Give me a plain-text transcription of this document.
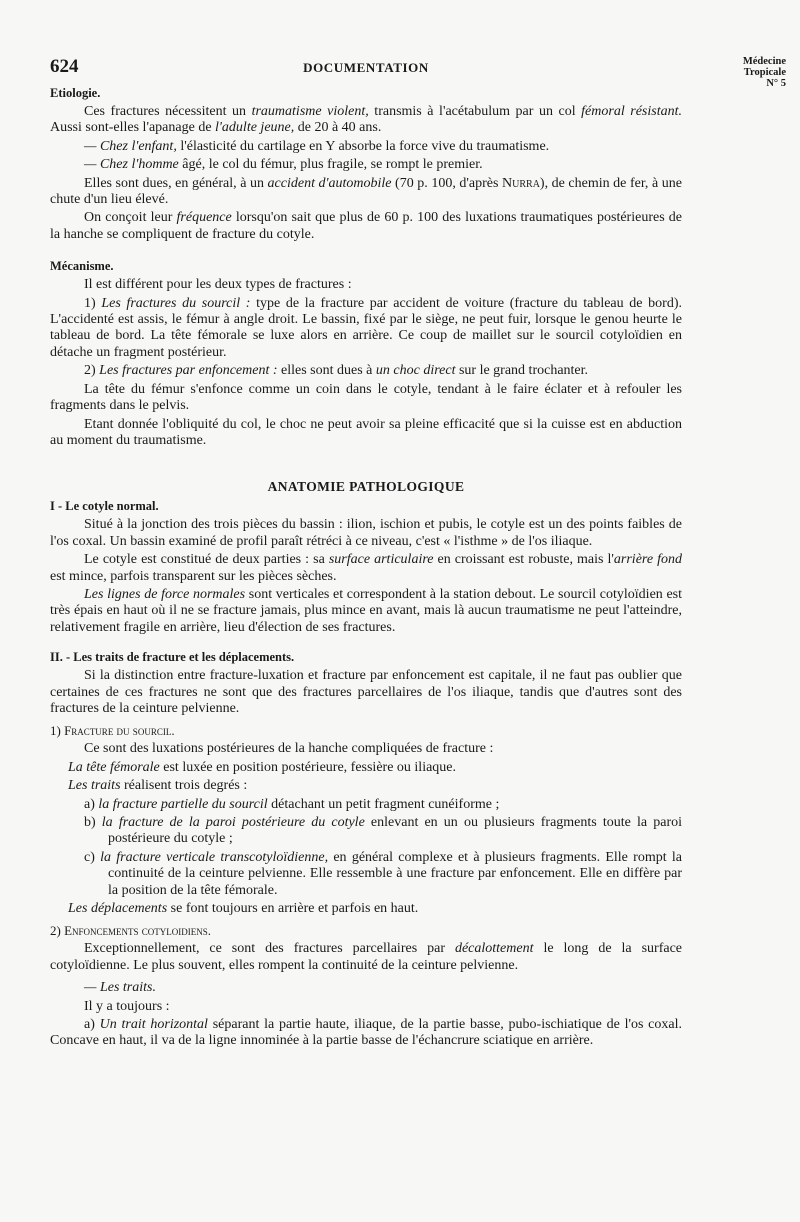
624	DOCUMENTATION	Médecine
Tropicale
N° 5
Etiologie.

Ces fractures nécessitent un traumatisme violent, transmis à l'acétabulum par un col fémoral résistant. Aussi sont-elles l'apanage de l'adulte jeune, de 20 à 40 ans.

— Chez l'enfant, l'élasticité du cartilage en Y absorbe la force vive du traumatisme.

— Chez l'homme âgé, le col du fémur, plus fragile, se rompt le premier.

Elles sont dues, en général, à un accident d'automobile (70 p. 100, d'après Nurra), de chemin de fer, à une chute d'un lieu élevé.

On conçoit leur fréquence lorsqu'on sait que plus de 60 p. 100 des luxations traumatiques postérieures de la hanche se compliquent de fracture du cotyle.

Mécanisme.

Il est différent pour les deux types de fractures :

1) Les fractures du sourcil : type de la fracture par accident de voiture (fracture du tableau de bord). L'accidenté est assis, le fémur à angle droit. Le bassin, fixé par le siège, ne peut fuir, lorsque le genou heurte le tableau de bord. La tête fémorale se luxe alors en arrière. Ce coup de maillet sur le sourcil cotyloïdien en détache un fragment postérieur.

2) Les fractures par enfoncement : elles sont dues à un choc direct sur le grand trochanter.

La tête du fémur s'enfonce comme un coin dans le cotyle, tendant à le faire éclater et à refouler les fragments dans le pelvis.

Etant donnée l'obliquité du col, le choc ne peut avoir sa pleine efficacité que si la cuisse est en abduction au moment du traumatisme.

ANATOMIE PATHOLOGIQUE
I - Le cotyle normal.

Situé à la jonction des trois pièces du bassin : ilion, ischion et pubis, le cotyle est un des points faibles de l'os coxal. Un bassin examiné de profil paraît rétréci à ce niveau, c'est « l'isthme » de l'os iliaque.

Le cotyle est constitué de deux parties : sa surface articulaire en croissant est robuste, mais l'arrière fond est mince, parfois transparent sur les pièces sèches.

Les lignes de force normales sont verticales et correspondent à la station debout. Le sourcil cotyloïdien est très épais en haut où il ne se fracture jamais, plus mince en avant, mais là aucun traumatisme ne peut l'atteindre, relativement fragile en arrière, lieu d'élection de ses fractures.

II. - Les traits de fracture et les déplacements.

Si la distinction entre fracture-luxation et fracture par enfoncement est capitale, il ne faut pas oublier que certaines de ces fractures ne sont que des fractures parcellaires de l'os iliaque, tandis que d'autres sont des fractures de la ceinture pelvienne.

1) Fracture du sourcil.

Ce sont des luxations postérieures de la hanche compliquées de fracture :

La tête fémorale est luxée en position postérieure, fessière ou iliaque.

Les traits réalisent trois degrés :

a) la fracture partielle du sourcil détachant un petit fragment cunéiforme ;

b) la fracture de la paroi postérieure du cotyle enlevant en un ou plusieurs fragments toute la paroi postérieure du cotyle ;

c) la fracture verticale transcotyloïdienne, en général complexe et à plusieurs fragments. Elle rompt la continuité de la ceinture pelvienne. Elle ressemble à une fracture par enfoncement. Elle en diffère par la position de la tête fémorale.

Les déplacements se font toujours en arrière et parfois en haut.

2) Enfoncements cotyloidiens.

Exceptionnellement, ce sont des fractures parcellaires par décalottement le long de la surface cotyloïdienne. Le plus souvent, elles rompent la continuité de la ceinture pelvienne.

— Les traits.

Il y a toujours :

a) Un trait horizontal séparant la partie haute, iliaque, de la partie basse, pubo-ischiatique de l'os coxal. Concave en haut, il va de la ligne innominée à la partie basse de l'échancrure sciatique en arrière.
